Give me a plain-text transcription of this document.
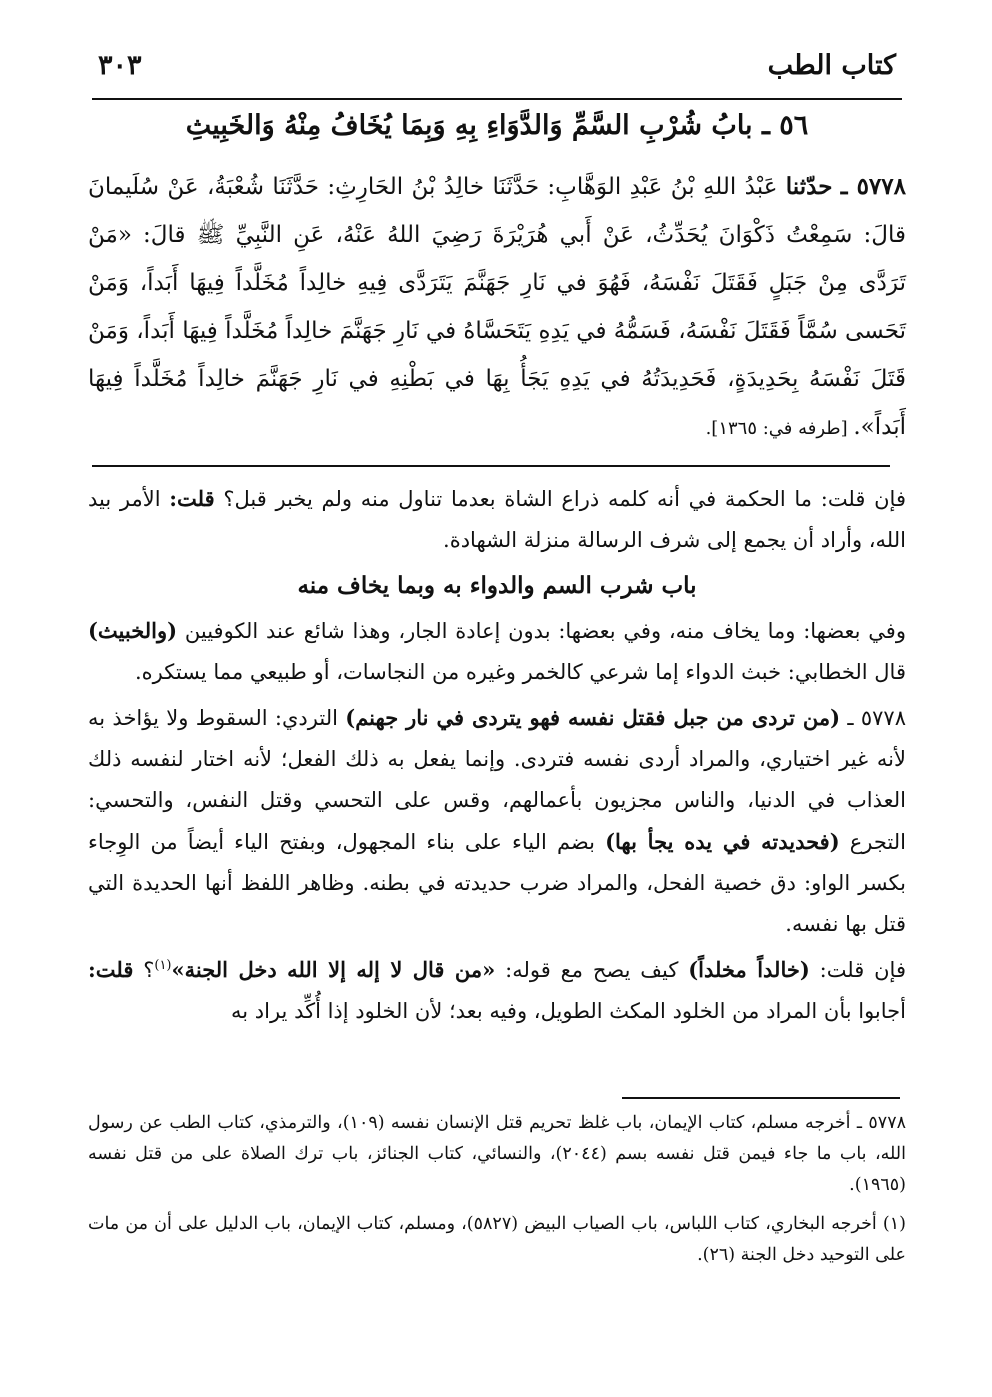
كتاب الطب
٣٠٣
٥٦ ـ بابُ شُرْبِ السَّمِّ وَالدَّوَاءِ بِهِ وَبِمَا يُخَافُ مِنْهُ وَالخَبِيثِ
٥٧٧٨ ـ حدّثنا عَبْدُ اللهِ بْنُ عَبْدِ الوَهَّابِ: حَدَّثَنَا خالِدُ بْنُ الحَارِثِ: حَدَّثَنَا شُعْبَةُ، عَنْ سُلَيمانَ قالَ: سَمِعْتُ ذَكْوَانَ يُحَدِّثُ، عَنْ أَبي هُرَيْرَةَ رَضِيَ اللهُ عَنْهُ، عَنِ النَّبِيِّ ﷺ قالَ: «مَنْ تَرَدَّى مِنْ جَبَلٍ فَقَتَلَ نَفْسَهُ، فَهُوَ في نَارِ جَهَنَّمَ يَتَرَدَّى فِيهِ خالِداً مُخَلَّداً فِيهَا أَبَداً، وَمَنْ تَحَسى سُمَّاً فَقَتَلَ نَفْسَهُ، فَسَمُّهُ في يَدِهِ يَتَحَسَّاهُ في نَارِ جَهَنَّمَ خالِداً مُخَلَّداً فِيهَا أَبَداً، وَمَنْ قَتَلَ نَفْسَهُ بِحَدِيدَةٍ، فَحَدِيدَتُهُ في يَدِهِ يَجَأُ بِهَا في بَطْنِهِ في نَارِ جَهَنَّمَ خالِداً مُخَلَّداً فِيهَا أَبَداً». [طرفه في: ١٣٦٥].

فإن قلت: ما الحكمة في أنه كلمه ذراع الشاة بعدما تناول منه ولم يخبر قبل؟ قلت: الأمر بيد الله، وأراد أن يجمع إلى شرف الرسالة منزلة الشهادة.

باب شرب السم والدواء به وبما يخاف منه

وفي بعضها: وما يخاف منه، وفي بعضها: بدون إعادة الجار، وهذا شائع عند الكوفيين (والخبيث) قال الخطابي: خبث الدواء إما شرعي كالخمر وغيره من النجاسات، أو طبيعي مما يستكره.

٥٧٧٨ ـ (من تردى من جبل فقتل نفسه فهو يتردى في نار جهنم) التردي: السقوط ولا يؤاخذ به لأنه غير اختياري، والمراد أردى نفسه فتردى. وإنما يفعل به ذلك الفعل؛ لأنه اختار لنفسه ذلك العذاب في الدنيا، والناس مجزيون بأعمالهم، وقس على التحسي وقتل النفس، والتحسي: التجرع (فحديدته في يده يجأ بها) بضم الياء على بناء المجهول، وبفتح الياء أيضاً من الوِجاء بكسر الواو: دق خصية الفحل، والمراد ضرب حديدته في بطنه. وظاهر اللفظ أنها الحديدة التي قتل بها نفسه.

فإن قلت: (خالداً مخلداً) كيف يصح مع قوله: «من قال لا إله إلا الله دخل الجنة»$^{(١)}$؟ قلت: أجابوا بأن المراد من الخلود المكث الطويل، وفيه بعد؛ لأن الخلود إذا أُكِّد يراد به

٥٧٧٨ ـ أخرجه مسلم، كتاب الإيمان، باب غلظ تحريم قتل الإنسان نفسه (١٠٩)، والترمذي، كتاب الطب عن رسول الله، باب ما جاء فيمن قتل نفسه بسم (٢٠٤٤)، والنسائي، كتاب الجنائز، باب ترك الصلاة على من قتل نفسه (١٩٦٥).

(١) أخرجه البخاري، كتاب اللباس، باب الصياب البيض (٥٨٢٧)، ومسلم، كتاب الإيمان، باب الدليل على أن من مات على التوحيد دخل الجنة (٢٦).
